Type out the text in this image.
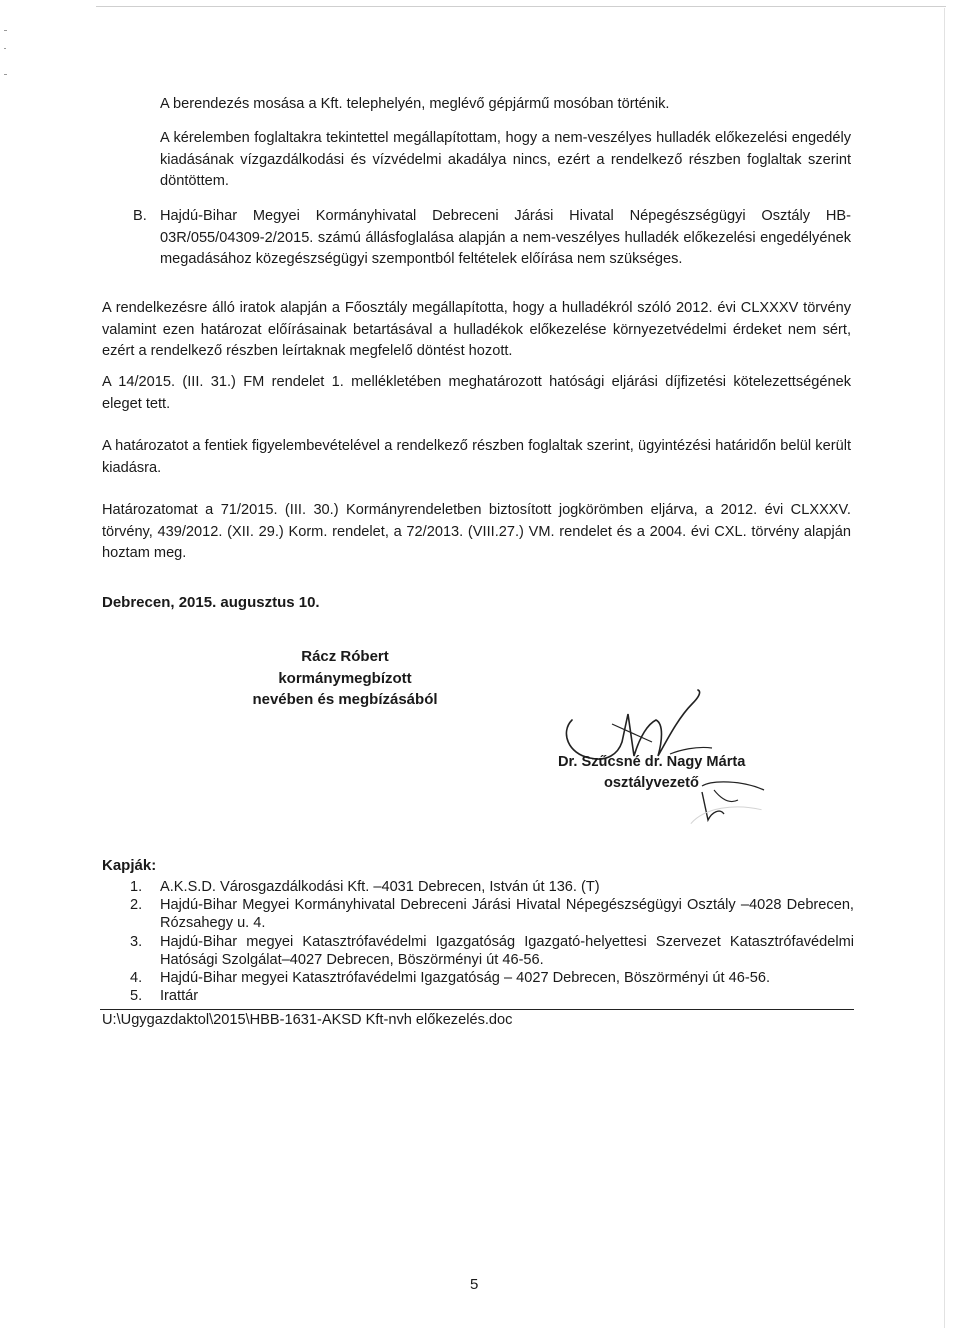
A berendezés mosása a Kft. telephelyén, meglévő gépjármű mosóban történik.

A kérelemben foglaltakra tekintettel megállapítottam, hogy a nem-veszélyes hulladék előkezelési engedély kiadásának vízgazdálkodási és vízvédelmi akadálya nincs, ezért a rendelkező részben foglaltak szerint döntöttem.

B. Hajdú-Bihar Megyei Kormányhivatal Debreceni Járási Hivatal Népegészségügyi Osztály HB-03R/055/04309-2/2015. számú állásfoglalása alapján a nem-veszélyes hulladék előkezelési engedélyének megadásához közegészségügyi szempontból feltételek előírása nem szükséges.

A rendelkezésre álló iratok alapján a Főosztály megállapította, hogy a hulladékról szóló 2012. évi CLXXXV törvény valamint ezen határozat előírásainak betartásával a hulladékok előkezelése környezetvédelmi érdeket nem sért, ezért a rendelkező részben leírtaknak megfelelő döntést hozott.

A 14/2015. (III. 31.) FM rendelet 1. mellékletében meghatározott hatósági eljárási díjfizetési kötelezettségének eleget tett.

A határozatot a fentiek figyelembevételével a rendelkező részben foglaltak szerint, ügyintézési határidőn belül került kiadásra.

Határozatomat a 71/2015. (III. 30.) Kormányrendeletben biztosított jogkörömben eljárva, a 2012. évi CLXXXV. törvény, 439/2012. (XII. 29.) Korm. rendelet, a 72/2013. (VIII.27.) VM. rendelet és a 2004. évi CXL. törvény alapján hoztam meg.

Debrecen, 2015. augusztus 10.

Rácz Róbert
kormánymegbízott
nevében és megbízásából
Dr. Szűcsné dr. Nagy Márta
osztályvezető
Kapják:
1. A.K.S.D. Városgazdálkodási Kft. –4031 Debrecen, István út 136. (T)
2. Hajdú-Bihar Megyei Kormányhivatal Debreceni Járási Hivatal Népegészségügyi Osztály –4028 Debrecen, Rózsahegy u. 4.
3. Hajdú-Bihar megyei Katasztrófavédelmi Igazgatóság Igazgató-helyettesi Szervezet Katasztrófavédelmi Hatósági Szolgálat–4027 Debrecen, Böszörményi út 46-56.
4. Hajdú-Bihar megyei Katasztrófavédelmi Igazgatóság – 4027 Debrecen, Böszörményi út 46-56.
5. Irattár
U:\Ugygazdaktol\2015\HBB-1631-AKSD Kft-nvh előkezelés.doc
5
